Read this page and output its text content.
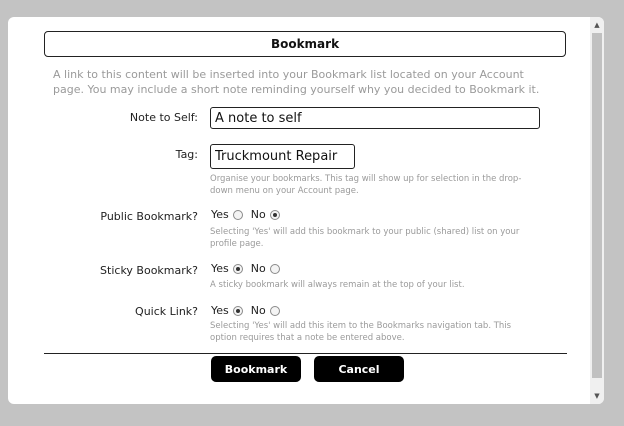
Bookmark
A link to this content will be inserted into your Bookmark list located on your Account page. You may include a short note reminding yourself why you decided to Bookmark it.
Note to Self:
A note to self
Tag:
Truckmount Repair
Organise your bookmarks. This tag will show up for selection in the drop-down menu on your Account page.
Public Bookmark? Yes No
Selecting 'Yes' will add this bookmark to your public (shared) list on your profile page.
Sticky Bookmark? Yes No
A sticky bookmark will always remain at the top of your list.
Quick Link? Yes No
Selecting 'Yes' will add this item to the Bookmarks navigation tab. This option requires that a note be entered above.
Bookmark	Cancel
▲
▼
